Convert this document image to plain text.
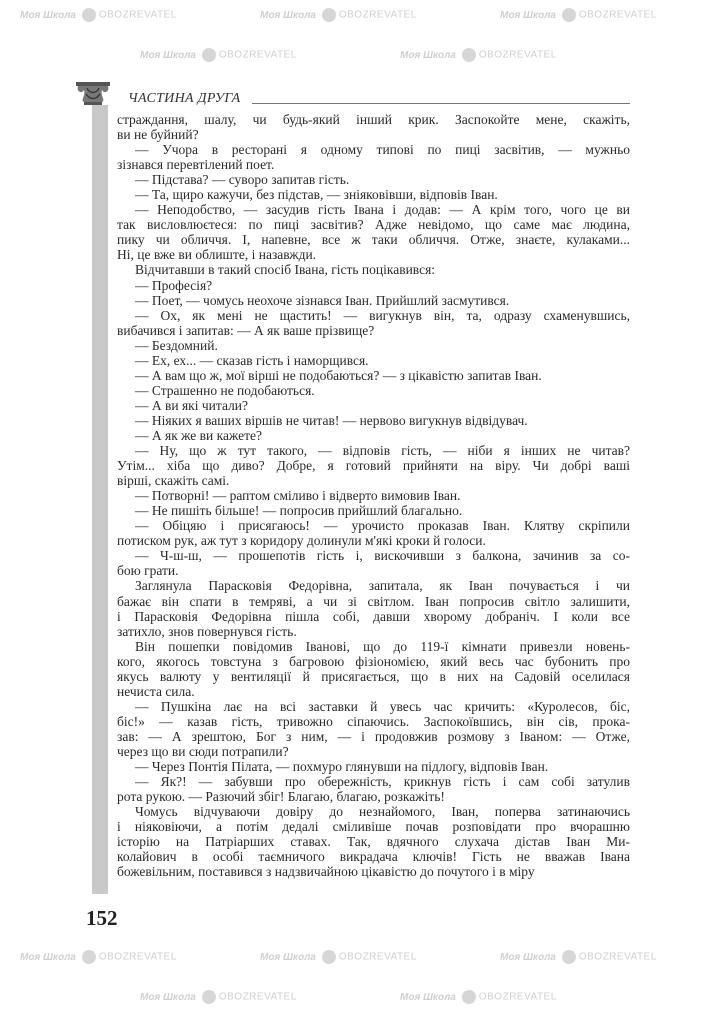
Моя Школа OBOZREVATEL	Моя Школа OBOZREVATEL	Моя Школа OBOZREVATEL
Моя Школа OBOZREVATEL	Моя Школа OBOZREVATEL
Моя Школа OBOZREVATEL	Моя Школа OBOZREVATEL	Моя Школа OBOZREVATEL
Моя Школа OBOZREVATEL	Моя Школа OBOZREVATEL
ЧАСТИНА ДРУГА
страждання, шалу, чи будь-який інший крик. Заспокойте мене, скажіть,
ви не буйний?
— Учора в ресторані я одному типові по пиці засвітив, — мужньо
зізнався перевтілений поет.
— Підстава? — суворо запитав гість.
— Та, щиро кажучи, без підстав, — зніяковівши, відповів Іван.
— Неподобство, — засудив гість Івана і додав: — А крім того, чого це ви
так висловлюєтеся: по пиці засвітив? Адже невідомо, що саме має людина,
пику чи обличчя. І, напевне, все ж таки обличчя. Отже, знаєте, кулаками...
Ні, це вже ви облиште, і назавжди.
Відчитавши в такий спосіб Івана, гість поцікавився:
— Професія?
— Поет, — чомусь неохоче зізнався Іван. Прийшлий засмутився.
— Ох, як мені не щастить! — вигукнув він, та, одразу схаменувшись,
вибачився і запитав: — А як ваше прізвище?
— Бездомний.
— Ех, ех... — сказав гість і наморщився.
— А вам що ж, мої вірші не подобаються? — з цікавістю запитав Іван.
— Страшенно не подобаються.
— А ви які читали?
— Ніяких я ваших віршів не читав! — нервово вигукнув відвідувач.
— А як же ви кажете?
— Ну, що ж тут такого, — відповів гість, — ніби я інших не читав?
Утім... хіба що диво? Добре, я готовий прийняти на віру. Чи добрі ваші
вірші, скажіть самі.
— Потворні! — раптом сміливо і відверто вимовив Іван.
— Не пишіть більше! — попросив прийшлий благально.
— Обіцяю і присягаюсь! — урочисто проказав Іван. Клятву скріпили
потиском рук, аж тут з коридору долинули м'які кроки й голоси.
— Ч-ш-ш, — прошепотів гість і, вискочивши з балкона, зачинив за со-
бою грати.
Заглянула Парасковія Федорівна, запитала, як Іван почувається і чи
бажає він спати в темряві, а чи зі світлом. Іван попросив світло залишити,
і Парасковія Федорівна пішла собі, давши хворому добраніч. І коли все
затихло, знов повернувся гість.
Він пошепки повідомив Іванові, що до 119-ї кімнати привезли новень-
кого, якогось товстуна з багровою фізіономією, який весь час бубонить про
якусь валюту у вентиляції й присягається, що в них на Садовій оселилася
нечиста сила.
— Пушкіна лає на всі заставки й увесь час кричить: «Куролесов, біс,
біс!» — казав гість, тривожно сіпаючись. Заспокоївшись, він сів, прока-
зав: — А зрештою, Бог з ним, — і продовжив розмову з Іваном: — Отже,
через що ви сюди потрапили?
— Через Понтія Пілата, — похмуро глянувши на підлогу, відповів Іван.
— Як?! — забувши про обережність, крикнув гість і сам собі затулив
рота рукою. — Разючий збіг! Благаю, благаю, розкажіть!
Чомусь відчуваючи довіру до незнайомого, Іван, поперва затинаючись
і ніяковіючи, а потім дедалі сміливіше почав розповідати про вчорашню
історію на Патріарших ставах. Так, вдячного слухача дістав Іван Ми-
колайович в особі таємничого викрадача ключів! Гість не вважав Івана
божевільним, поставився з надзвичайною цікавістю до почутого і в міру
152
